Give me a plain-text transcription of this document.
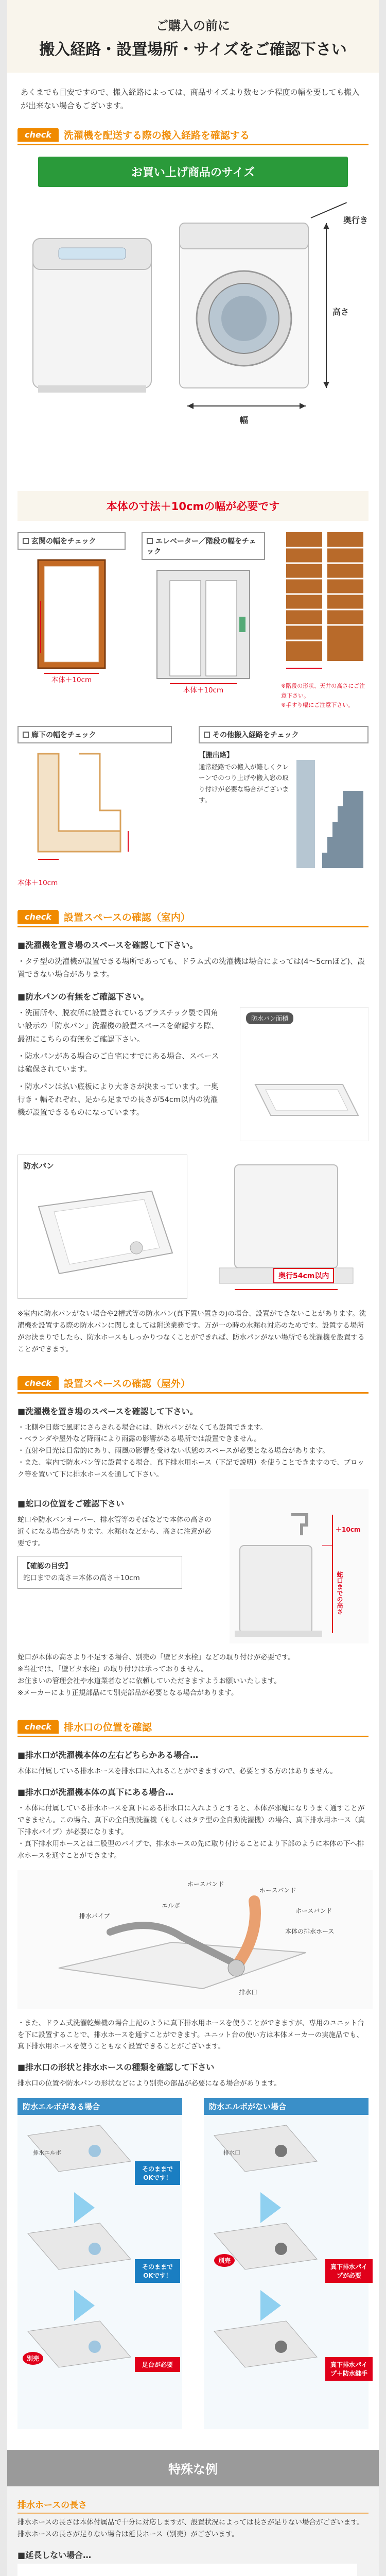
ご購入の前に
搬入経路・設置場所・サイズをご確認下さい

あくまでも目安ですので、搬入経路によっては、商品サイズより数センチ程度の幅を要しても搬入が出来ない場合もございます。

check	洗濯機を配送する際の搬入経路を確認する
お買い上げ商品のサイズ
奥行き
高さ
幅
本体の寸法＋10cmの幅が必要です
玄関の幅をチェック
本体＋10cm
エレベーター／階段の幅をチェック
本体＋10cm
※階段の形状、天井の高さにご注意下さい。
※手すり幅にご注意下さい。
廊下の幅をチェック
本体＋10cm
その他搬入経路をチェック
【搬出路】
通常経路での搬入が難しくクレーンでのつり上げや搬入窓の取り付けが必要な場合がございます。
check	設置スペースの確認（室内）
■洗濯機を置き場のスペースを確認して下さい。

・タテ型の洗濯機が設置できる場所であっても、ドラム式の洗濯機は場合によっては(4〜5cmほど)、設置できない場合があります。

■防水パンの有無をご確認下さい。

・洗面所や、脱衣所に設置されているプラスチック製で四角い設示の「防水パン」洗濯機の設置スペースを確認する際、最初にこちらの有無をご確認下さい。

・防水パンがある場合のご自宅にすでにある場合、スペースは確保されています。

・防水パンは払い底板により大きさが決まっています。一奥行き・幅それぞれ、足から足までの長さが54cm以内の洗濯機が設置できるものになっています。

防水パン面積
防水パン
奥行54cm以内

※室内に防水パンがない場合や2槽式等の防水パン(真下置い置きの)の場合、設置ができないことがあります。洗濯機を設置する際の防水パンに関しましては附送業務です。万が一の時の水漏れ対応のためです。設置する場所がお決まりでしたら、防水ホースもしっかりつなくことができれば、防水パンがない場所でも洗濯機を設置することができます。

check	設置スペースの確認（屋外）
■洗濯機を置き場のスペースを確認して下さい。

・北側や日蔭で風雨にさらされる場合には、防水パンがなくても設置できます。

・ベランダや屋外など降雨により雨露の影響がある場所では設置できません。

・直射や日光は日常的にあり、雨風の影響を受けない状態のスペースが必要となる場合があります。

・また、室内で防水パン等に設置する場合、真下排水用ホース（下記で説明）を使うことできますので、ブロック等を置いて下に排水ホースを通して下さい。

■蛇口の位置をご確認下さい

蛇口や防水パンオーバー、排水管等のそばなどで本体の高さの近くになる場合があります。水漏れなどから、高さに注意が必要です。

【確認の目安】
蛇口までの高さ＝本体の高さ＋10cm
＋10cm
蛇口までの高さ

蛇口が本体の高さより不足する場合、別売の「壁ピタ水栓」などの取り付けが必要です。

※当社では、「壁ピタ水栓」の取り付けは承っておりません。

お住まいの管理会社や水道業者などに依頼していただきますようお願いいたします。

※メーカーにより正規部品にて別売部品が必要となる場合があります。

check	排水口の位置を確認
■排水口が洗濯機本体の左右どちらかある場合…

本体に付属している排水ホースを排水口に入れることができますので、必要とする方のはありません。

■排水口が洗濯機本体の真下にある場合…

・本体に付属している排水ホースを真下にある排水口に入れようとすると、本体が邪魔になりうまく通すことができません。この場合、真下の全自動洗濯機（もしくはタテ型の全自動洗濯機）の場合、真下排水用ホース（真下排水パイプ）が必要になります。

・真下排水用ホースとは二股型のパイプで、排水ホースの先に取り付けることにより下部のように本体の下へ排水ホースを通すことができます。

排水パイプ
ホースバンド
ホースバンド
エルボ
排水口
本体の排水ホース
ホースバンド

・また、ドラム式洗濯乾燥機の場合上記のように真下排水用ホースを使うことができますが、専用のユニット台を下に設置することで、排水ホースを通すことができます。ユニット台の使い方は本体メーカーの実施品でも、真下排水用ホースを使うこともなく設置できることがございます。

■排水口の形状と排水ホースの種類を確認して下さい

排水口の位置や防水パンの形状などにより別売の部品が必要になる場合があります。

防水エルボがある場合	防水エルボがない場合
そのままでOKです！
そのままでOKです！
足台が必要
真下排水パイプが必要
真下排水パイプ＋防水継手
別売
別売
排水エルボ	排水口
特殊な例
排水ホースの長さ

排水ホースの長さは本体付属品で十分に対応しますが、設置状況によっては長さが足りない場合がございます。

排水ホースの長さが足りない場合は延長ホース（別売）がございます。

■延長しない場合…
